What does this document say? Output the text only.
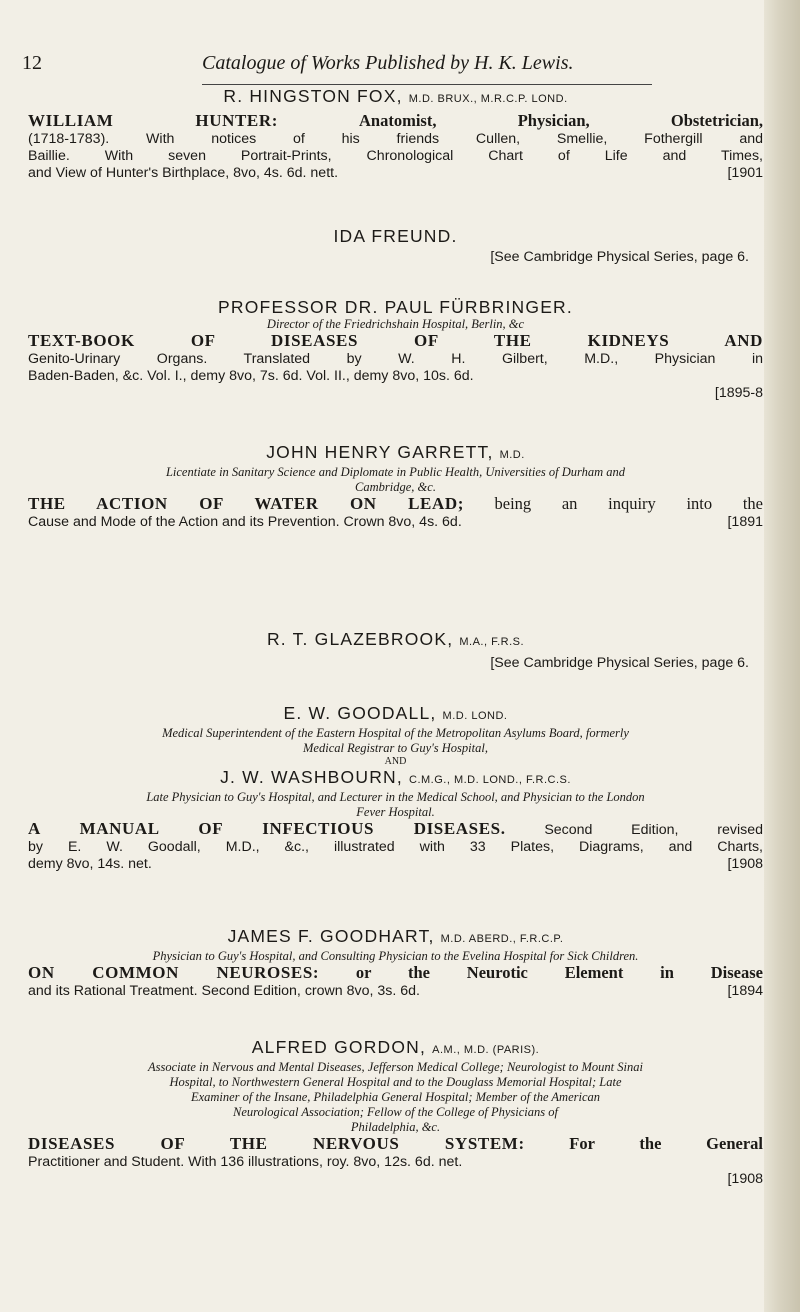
12	Catalogue of Works Published by H. K. Lewis.
R. HINGSTON FOX, M.D. BRUX., M.R.C.P. LOND.
WILLIAM HUNTER:	Anatomist, Physician, Obstetrician,
(1718-1783). With notices of his friends Cullen, Smellie, Fothergill and
Baillie. With seven Portrait-Prints, Chronological Chart of Life and Times,
and View of Hunter's Birthplace, 8vo, 4s. 6d. nett.	[1901
IDA FREUND.
[See Cambridge Physical Series, page 6.
PROFESSOR DR. PAUL FÜRBRINGER.
Director of the Friedrichshain Hospital, Berlin, &c
TEXT-BOOK OF DISEASES OF THE KIDNEYS AND
Genito-Urinary Organs. Translated by W. H. Gilbert, M.D., Physician in
Baden-Baden, &c. Vol. I., demy 8vo, 7s. 6d. Vol. II., demy 8vo, 10s. 6d.
[1895-8
JOHN HENRY GARRETT, M.D.
Licentiate in Sanitary Science and Diplomate in Public Health, Universities of Durham and
Cambridge, &c.
THE ACTION OF WATER ON LEAD; being an inquiry into the
Cause and Mode of the Action and its Prevention. Crown 8vo, 4s. 6d.	[1891
R. T. GLAZEBROOK, M.A., F.R.S.
[See Cambridge Physical Series, page 6.
E. W. GOODALL, M.D. LOND.
Medical Superintendent of the Eastern Hospital of the Metropolitan Asylums Board, formerly
Medical Registrar to Guy's Hospital,
AND
J. W. WASHBOURN, C.M.G., M.D. LOND., F.R.C.S.
Late Physician to Guy's Hospital, and Lecturer in the Medical School, and Physician to the London
Fever Hospital.
A MANUAL OF INFECTIOUS DISEASES.	Second Edition, revised
by E. W. Goodall, M.D., &c., illustrated with 33 Plates, Diagrams, and Charts,
demy 8vo, 14s. net.	[1908
JAMES F. GOODHART, M.D. ABERD., F.R.C.P.
Physician to Guy's Hospital, and Consulting Physician to the Evelina Hospital for Sick Children.
ON COMMON NEUROSES: or the Neurotic Element in Disease
and its Rational Treatment. Second Edition, crown 8vo, 3s. 6d.	[1894
ALFRED GORDON, A.M., M.D. (PARIS).
Associate in Nervous and Mental Diseases, Jefferson Medical College; Neurologist to Mount Sinai
Hospital, to Northwestern General Hospital and to the Douglass Memorial Hospital; Late
Examiner of the Insane, Philadelphia General Hospital; Member of the American
Neurological Association; Fellow of the College of Physicians of
Philadelphia, &c.
DISEASES OF THE NERVOUS SYSTEM:	For the General
Practitioner and Student. With 136 illustrations, roy. 8vo, 12s. 6d. net.
[1908
